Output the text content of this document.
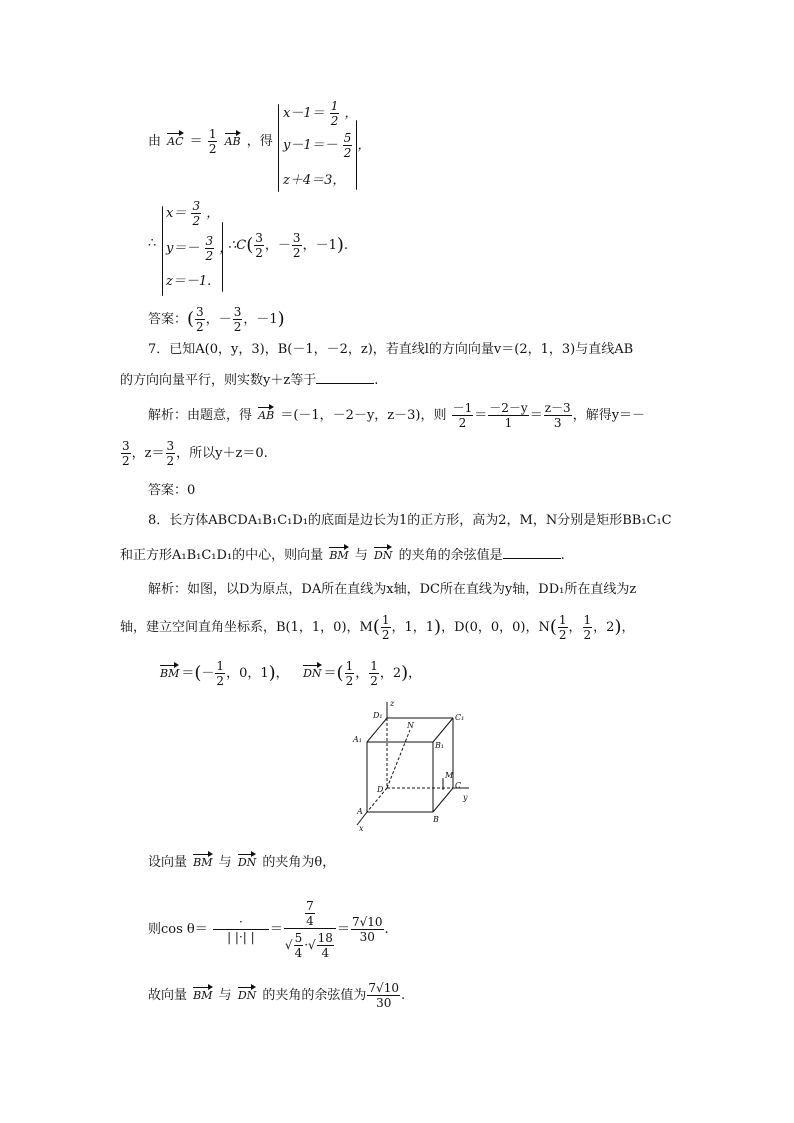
由 AC ＝ $\frac{1}{2}$ AB ，得
$x-1= \frac{1}{2}$ ，
$y-1=- \frac{5}{2}$ ，
z＋4＝3，
∴
$x= \frac{3}{2}$ ，
$y=- \frac{3}{2}$ ，
z＝－1.
∴C( $\frac{3}{2}$ ，－ $\frac{3}{2}$ ，－1).
答案：( $\frac{3}{2}$ ，－ $\frac{3}{2}$ ，－1)
7．已知A(0，y，3)，B(－1，－2，z)，若直线l的方向向量v＝(2，1，3)与直线AB
的方向向量平行，则实数y＋z等于	.
解析：由题意，得 AB ＝(－1，－2－y，z－3)，则 $\frac{-1}{2} = \frac{-2-y}{1} = \frac{z-3}{3}$ ，解得y＝－
$\frac{3}{2}$ ，$z= \frac{3}{2}$ ，所以y＋z＝0.
答案：0
8．长方体ABCDA₁B₁C₁D₁的底面是边长为1的正方形，高为2，M，N分别是矩形BB₁C₁C
和正方形A₁B₁C₁D₁的中心，则向量 BM 与 DN 的夹角的余弦值是	.
解析：如图，以D为原点，DA所在直线为x轴，DC所在直线为y轴，DD₁所在直线为z
轴，建立空间直角坐标系，B(1，1，0)，$M( \frac{1}{2}$ ，1，1)，D(0，0，0)，$N( \frac{1}{2}$ ， $\frac{1}{2}$ ，2)，
BM ＝(－ $\frac{1}{2}$ ，0，1)， DN ＝( $\frac{1}{2}$ ， $\frac{1}{2}$ ，2)，
z
D₁
N
C₁
A₁
B₁
M
D	C
y
A
B
x
设向量 BM 与 DN 的夹角为θ，
则$\cos \theta= \frac{\cdot}{| |\cdot| |} = \frac{\frac{7}{4}}{√ \frac{5}{4} \cdot√ \frac{18}{4}} = \frac{7√10}{30}$ .
故向量 BM 与 DN 的夹角的余弦值为 $\frac{7√10}{30}$ .
